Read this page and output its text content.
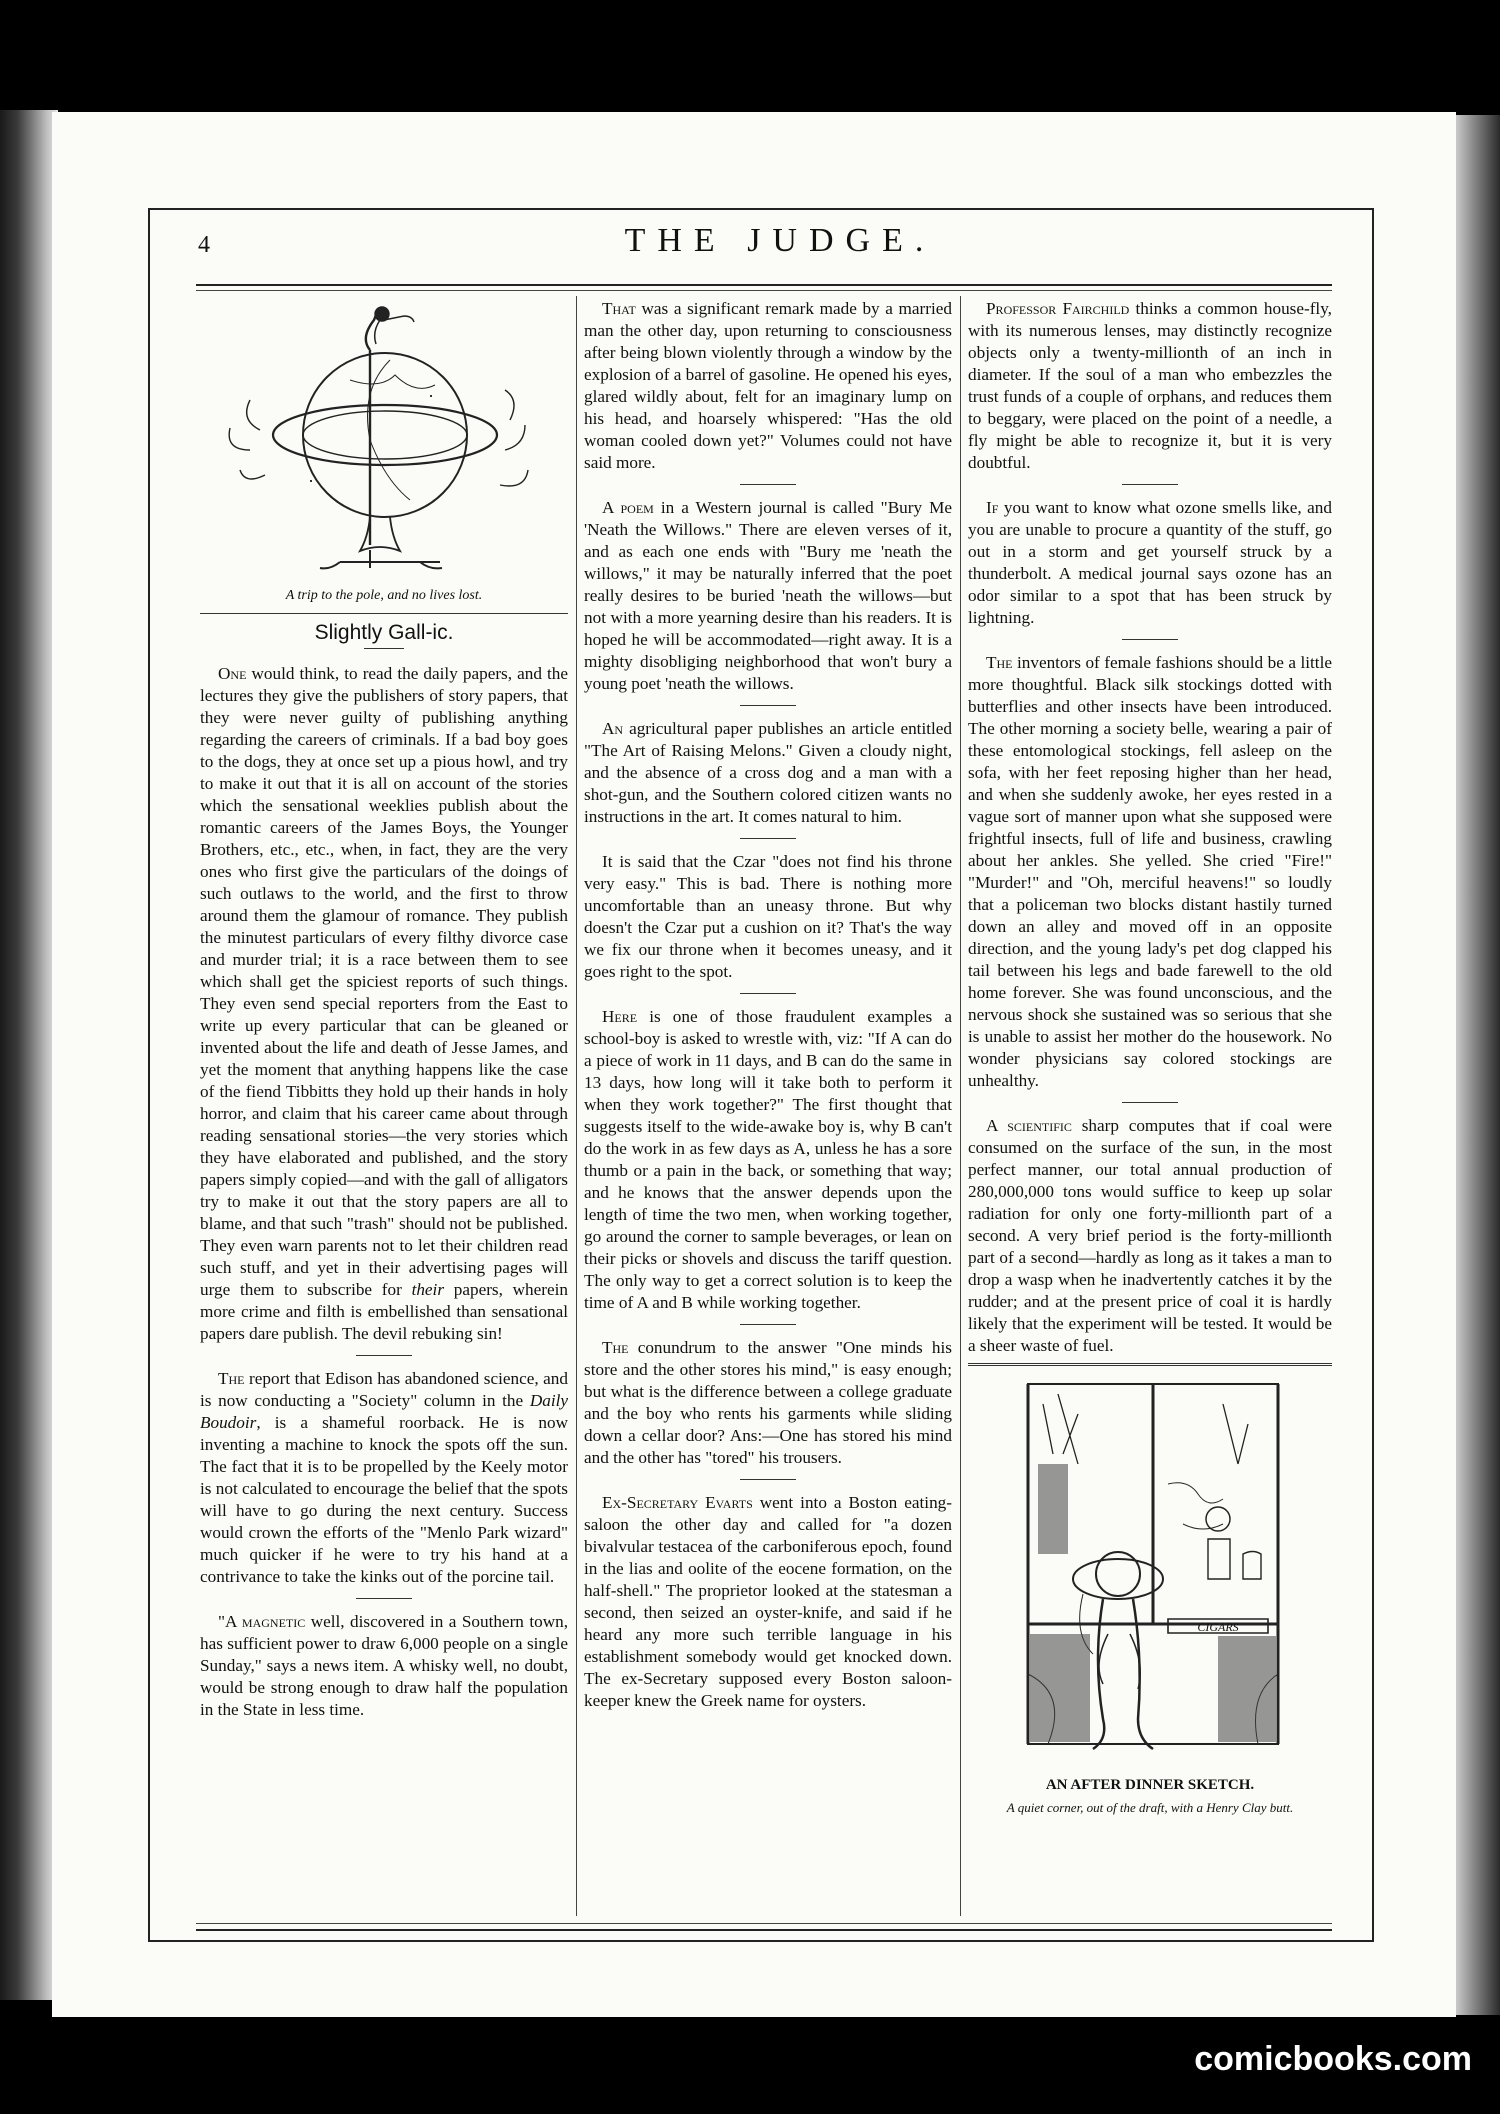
4	THE JUDGE.

A trip to the pole, and no lives lost.

Slightly Gall-ic.

One would think, to read the daily papers, and the lectures they give the publishers of story papers, that they were never guilty of publishing anything regarding the careers of criminals. If a bad boy goes to the dogs, they at once set up a pious howl, and try to make it out that it is all on account of the stories which the sensational weeklies publish about the romantic careers of the James Boys, the Younger Brothers, etc., etc., when, in fact, they are the very ones who first give the particulars of the doings of such outlaws to the world, and the first to throw around them the glamour of romance. They publish the minutest particulars of every filthy divorce case and murder trial; it is a race between them to see which shall get the spiciest reports of such things. They even send special reporters from the East to write up every particular that can be gleaned or invented about the life and death of Jesse James, and yet the moment that anything happens like the case of the fiend Tibbitts they hold up their hands in holy horror, and claim that his career came about through reading sensational stories—the very stories which they have elaborated and published, and the story papers simply copied—and with the gall of alligators try to make it out that the story papers are all to blame, and that such "trash" should not be published. They even warn parents not to let their children read such stuff, and yet in their advertising pages will urge them to subscribe for their papers, wherein more crime and filth is embellished than sensational papers dare publish. The devil rebuking sin!

The report that Edison has abandoned science, and is now conducting a "Society" column in the Daily Boudoir, is a shameful roorback. He is now inventing a machine to knock the spots off the sun. The fact that it is to be propelled by the Keely motor is not calculated to encourage the belief that the spots will have to go during the next century. Success would crown the efforts of the "Menlo Park wizard" much quicker if he were to try his hand at a contrivance to take the kinks out of the porcine tail.

"A magnetic well, discovered in a Southern town, has sufficient power to draw 6,000 people on a single Sunday," says a news item. A whisky well, no doubt, would be strong enough to draw half the population in the State in less time.

That was a significant remark made by a married man the other day, upon returning to consciousness after being blown violently through a window by the explosion of a barrel of gasoline. He opened his eyes, glared wildly about, felt for an imaginary lump on his head, and hoarsely whispered: "Has the old woman cooled down yet?" Volumes could not have said more.

A poem in a Western journal is called "Bury Me 'Neath the Willows." There are eleven verses of it, and as each one ends with "Bury me 'neath the willows," it may be naturally inferred that the poet really desires to be buried 'neath the willows—but not with a more yearning desire than his readers. It is hoped he will be accommodated—right away. It is a mighty disobliging neighborhood that won't bury a young poet 'neath the willows.

An agricultural paper publishes an article entitled "The Art of Raising Melons." Given a cloudy night, and the absence of a cross dog and a man with a shot-gun, and the Southern colored citizen wants no instructions in the art. It comes natural to him.

It is said that the Czar "does not find his throne very easy." This is bad. There is nothing more uncomfortable than an uneasy throne. But why doesn't the Czar put a cushion on it? That's the way we fix our throne when it becomes uneasy, and it goes right to the spot.

Here is one of those fraudulent examples a school-boy is asked to wrestle with, viz: "If A can do a piece of work in 11 days, and B can do the same in 13 days, how long will it take both to perform it when they work together?" The first thought that suggests itself to the wide-awake boy is, why B can't do the work in as few days as A, unless he has a sore thumb or a pain in the back, or something that way; and he knows that the answer depends upon the length of time the two men, when working together, go around the corner to sample beverages, or lean on their picks or shovels and discuss the tariff question. The only way to get a correct solution is to keep the time of A and B while working together.

The conundrum to the answer "One minds his store and the other stores his mind," is easy enough; but what is the difference between a college graduate and the boy who rents his garments while sliding down a cellar door? Ans:—One has stored his mind and the other has "tored" his trousers.

Ex-Secretary Evarts went into a Boston eating-saloon the other day and called for "a dozen bivalvular testacea of the carboniferous epoch, found in the lias and oolite of the eocene formation, on the half-shell." The proprietor looked at the statesman a second, then seized an oyster-knife, and said if he heard any more such terrible language in his establishment somebody would get knocked down. The ex-Secretary supposed every Boston saloon-keeper knew the Greek name for oysters.

Professor Fairchild thinks a common house-fly, with its numerous lenses, may distinctly recognize objects only a twenty-millionth of an inch in diameter. If the soul of a man who embezzles the trust funds of a couple of orphans, and reduces them to beggary, were placed on the point of a needle, a fly might be able to recognize it, but it is very doubtful.

If you want to know what ozone smells like, and you are unable to procure a quantity of the stuff, go out in a storm and get yourself struck by a thunderbolt. A medical journal says ozone has an odor similar to a spot that has been struck by lightning.

The inventors of female fashions should be a little more thoughtful. Black silk stockings dotted with butterflies and other insects have been introduced. The other morning a society belle, wearing a pair of these entomological stockings, fell asleep on the sofa, with her feet reposing higher than her head, and when she suddenly awoke, her eyes rested in a vague sort of manner upon what she supposed were frightful insects, full of life and business, crawling about her ankles. She yelled. She cried "Fire!" "Murder!" and "Oh, merciful heavens!" so loudly that a policeman two blocks distant hastily turned down an alley and moved off in an opposite direction, and the young lady's pet dog clapped his tail between his legs and bade farewell to the old home forever. She was found unconscious, and the nervous shock she sustained was so serious that she is unable to assist her mother do the housework. No wonder physicians say colored stockings are unhealthy.

A scientific sharp computes that if coal were consumed on the surface of the sun, in the most perfect manner, our total annual production of 280,000,000 tons would suffice to keep up solar radiation for only one forty-millionth part of a second. A very brief period is the forty-millionth part of a second—hardly as long as it takes a man to drop a wasp when he inadvertently catches it by the rudder; and at the present price of coal it is hardly likely that the experiment will be tested. It would be a sheer waste of fuel.

CIGARS

AN AFTER DINNER SKETCH.

A quiet corner, out of the draft, with a Henry Clay butt.

comicbooks.com
